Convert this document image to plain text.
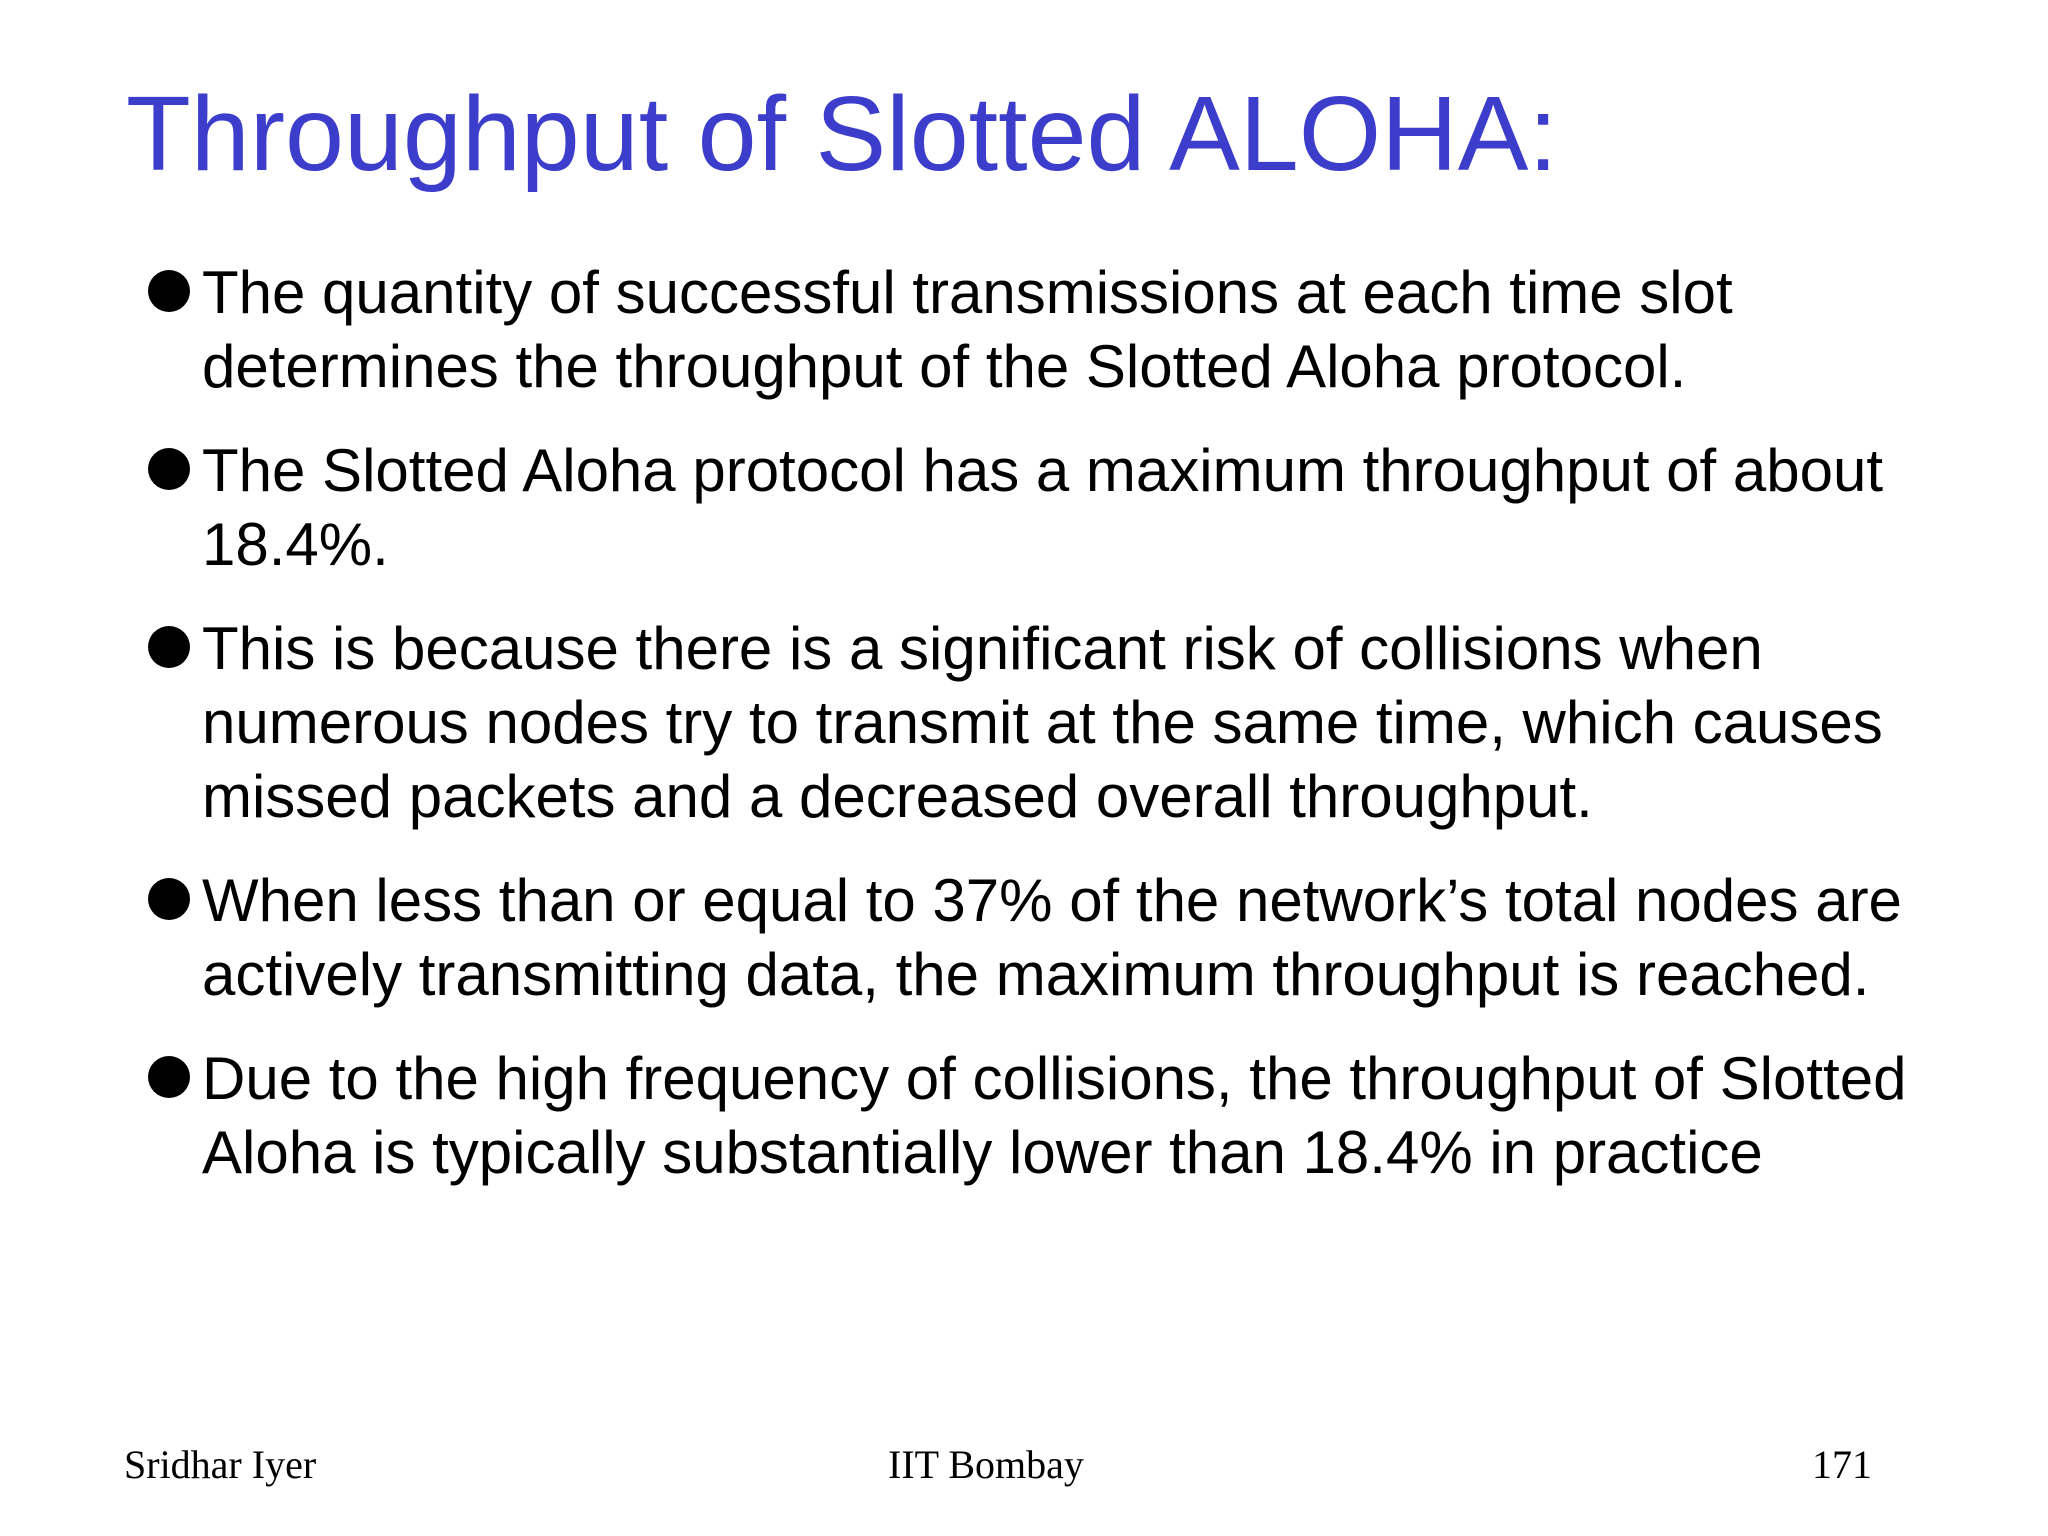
Throughput of Slotted ALOHA:
The quantity of successful transmissions at each time slot determines the throughput of the Slotted Aloha protocol.
The Slotted Aloha protocol has a maximum throughput of about 18.4%.
This is because there is a significant risk of collisions when numerous nodes try to transmit at the same time, which causes missed packets and a decreased overall throughput.
When less than or equal to 37% of the network’s total nodes are actively transmitting data, the maximum throughput is reached.
Due to the high frequency of collisions, the throughput of Slotted Aloha is typically substantially lower than 18.4% in practice
Sridhar Iyer	IIT Bombay	171
